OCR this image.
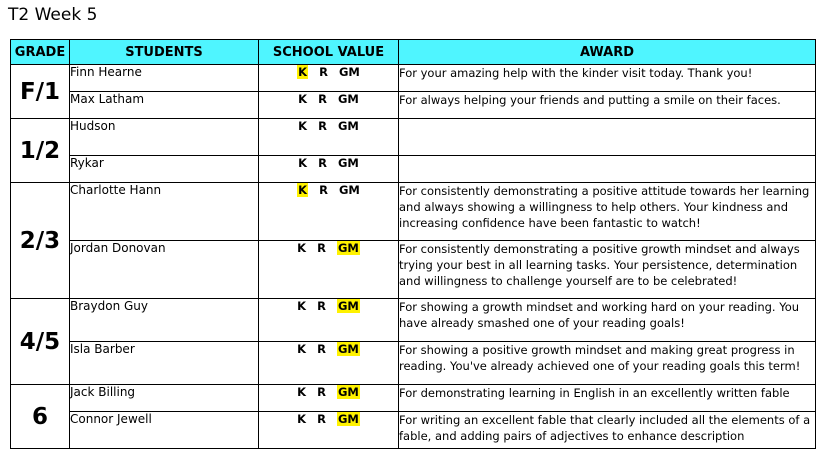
T2 Week 5
GRADE	STUDENTS	SCHOOL VALUE	AWARD
F/1	Finn Hearne	K R GM	For your amazing help with the kinder visit today. Thank you!
	Max Latham	K R GM	For always helping your friends and putting a smile on their faces.
1/2	Hudson	K R GM	

	Rykar	K R GM	

2/3	Charlotte Hann	K R GM	For consistently demonstrating a positive attitude towards her learning and always showing a willingness to help others. Your kindness and increasing confidence have been fantastic to watch!
	Jordan Donovan	K R GM	For consistently demonstrating a positive growth mindset and always trying your best in all learning tasks. Your persistence, determination and willingness to challenge yourself are to be celebrated!
4/5	Braydon Guy	K R GM	For showing a growth mindset and working hard on your reading. You have already smashed one of your reading goals!
	Isla Barber	K R GM	For showing a positive growth mindset and making great progress in reading. You've already achieved one of your reading goals this term!
6	Jack Billing	K R GM	For demonstrating learning in English in an excellently written fable
	Connor Jewell	K R GM	For writing an excellent fable that clearly included all the elements of a fable, and adding pairs of adjectives to enhance description
